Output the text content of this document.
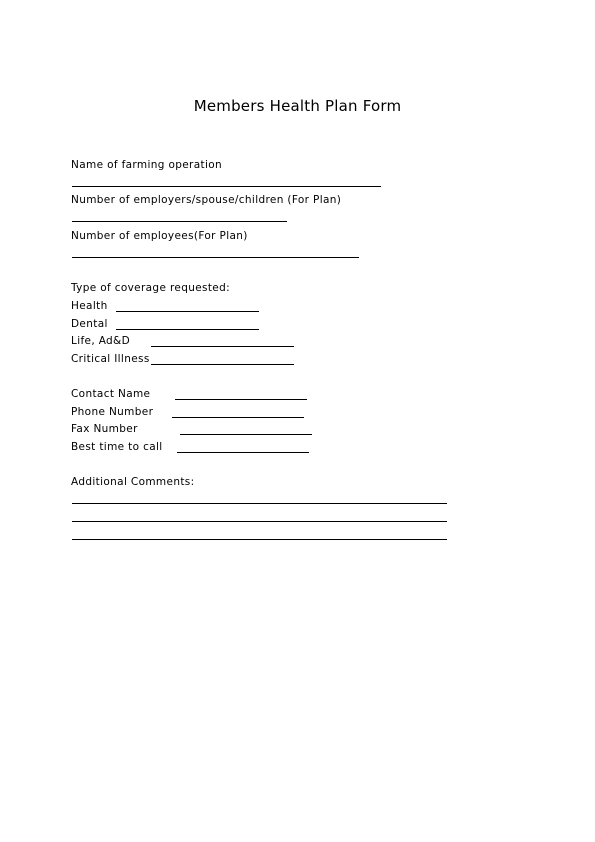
Members Health Plan Form
Name of farming operation
Number of employers/spouse/children (For Plan)
Number of employees(For Plan)
Type of coverage requested:
Health
Dental
Life, Ad&D
Critical Illness
Contact Name
Phone Number
Fax Number
Best time to call
Additional Comments:
